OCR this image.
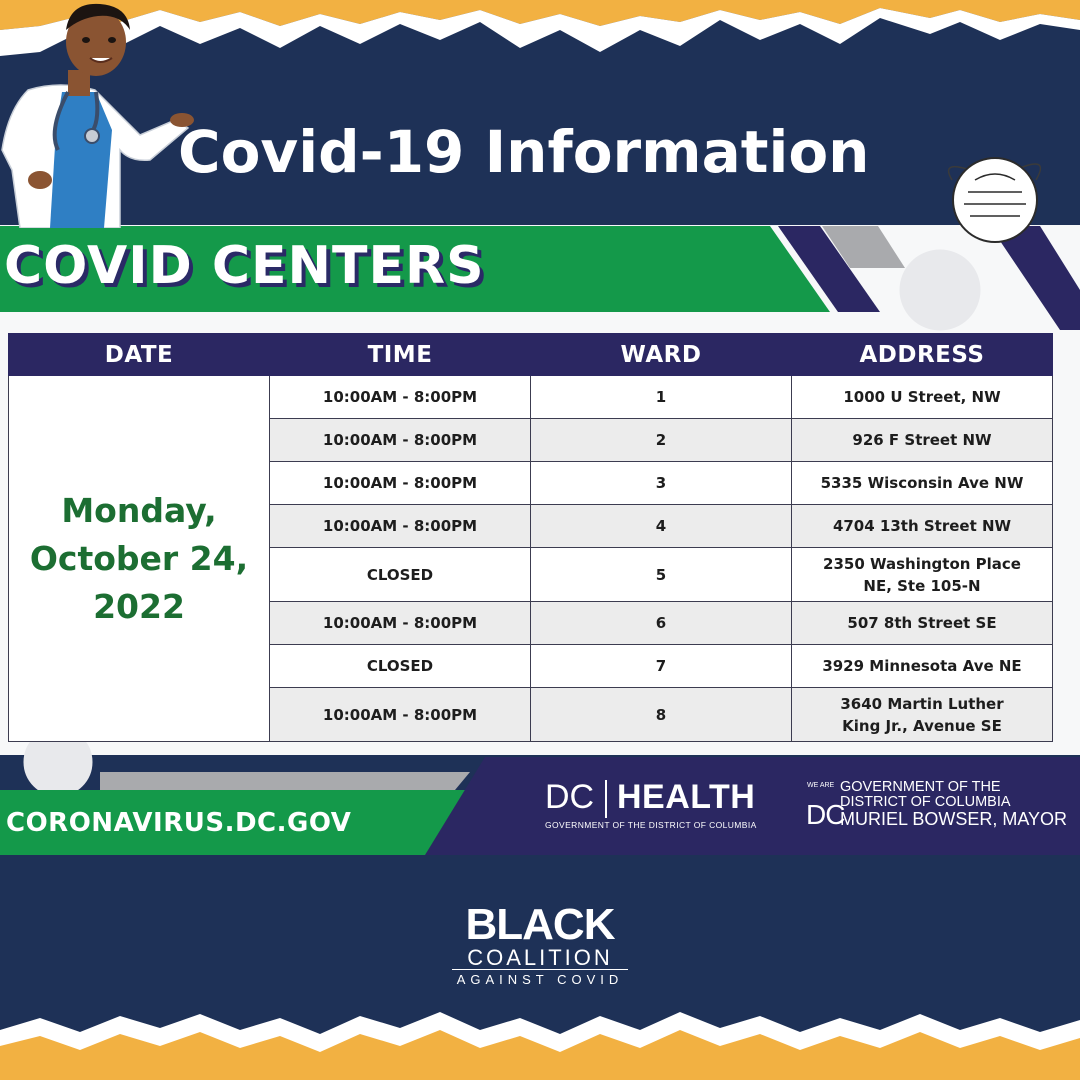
Covid-19 Information
COVID CENTERS
DATE	TIME	WARD	ADDRESS

Monday,
October 24,
2022	10:00AM - 8:00PM	1	1000 U Street, NW
	10:00AM - 8:00PM	2	926 F Street NW
	10:00AM - 8:00PM	3	5335 Wisconsin Ave NW
	10:00AM - 8:00PM	4	4704 13th Street NW
	CLOSED	5	2350 Washington Place NE, Ste 105-N
	10:00AM - 8:00PM	6	507 8th Street SE
	CLOSED	7	3929 Minnesota Ave NE
	10:00AM - 8:00PM	8	3640 Martin Luther King Jr., Avenue SE
CORONAVIRUS.DC.GOV
DC HEALTH
GOVERNMENT OF THE DISTRICT OF COLUMBIA
WE ARE
DC
GOVERNMENT OF THE
DISTRICT OF COLUMBIA
MURIEL BOWSER, MAYOR
BLACK
COALITION
AGAINST COVID
